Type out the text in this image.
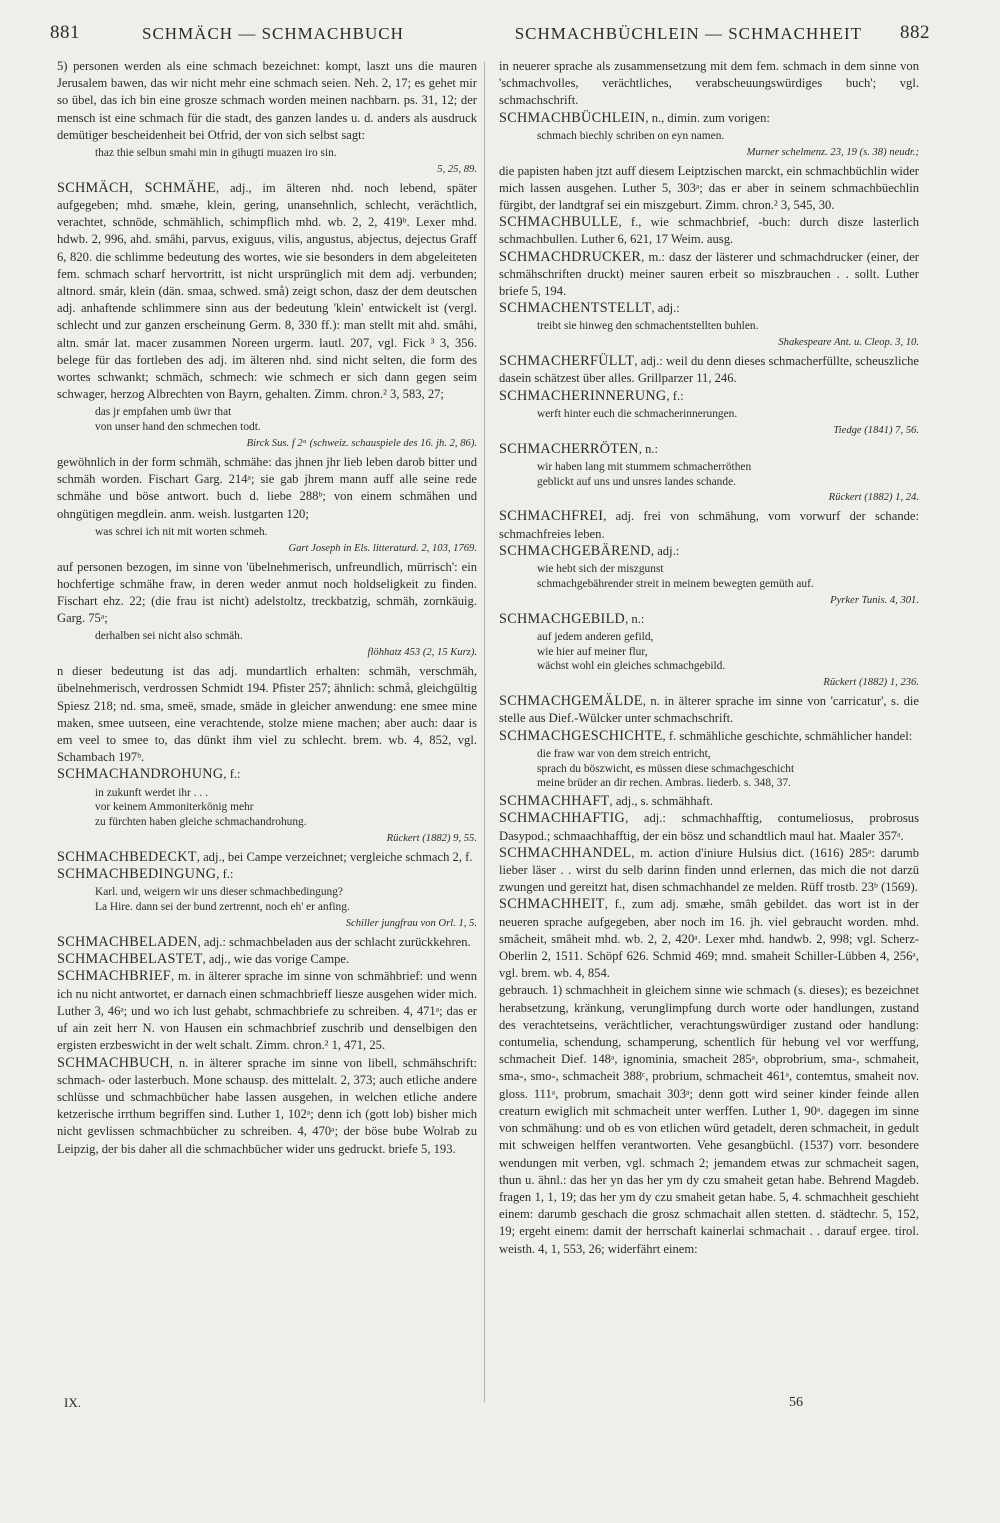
881	SCHMÄCH — SCHMACHBUCH	SCHMACHBÜCHLEIN — SCHMACHHEIT 882
5) personen werden als eine schmach bezeichnet: kompt, laszt uns die mauren Jerusalem bawen, das wir nicht mehr eine schmach seien. Neh. 2, 17; es gehet mir so übel, das ich bin eine grosze schmach worden meinen nachbarn. ps. 31, 12; der mensch ist eine schmach für die stadt, des ganzen landes u. d. anders als ausdruck demütiger bescheidenheit bei Otfrid, der von sich selbst sagt:
thaz thie selbun smahi min in gihugti muazen iro sin.
5, 25, 89.
SCHMÄCH, SCHMÄHE, adj., im älteren nhd. noch lebend, später aufgegeben; mhd. smæhe, klein, gering, unansehnlich, schlecht, verächtlich, verachtet, schnöde, schmählich, schimpflich mhd. wb. 2, 2, 419ᵇ. Lexer mhd. hdwb. 2, 996, ahd. smâhi, parvus, exiguus, vilis, angustus, abjectus, dejectus Graff 6, 820. die schlimme bedeutung des wortes, wie sie besonders in dem abgeleiteten fem. schmach scharf hervortritt, ist nicht ursprünglich mit dem adj. verbunden; altnord. smár, klein (dän. smaa, schwed. små) zeigt schon, dasz der dem deutschen adj. anhaftende schlimmere sinn aus der bedeutung 'klein' entwickelt ist (vergl. schlecht und zur ganzen erscheinung Germ. 8, 330 ff.): man stellt mit ahd. smâhi, altn. smár lat. macer zusammen Noreen urgerm. lautl. 207, vgl. Fick ³ 3, 356. belege für das fortleben des adj. im älteren nhd. sind nicht selten, die form des wortes schwankt; schmäch, schmech: wie schmech er sich dann gegen seim schwager, herzog Albrechten von Bayrn, gehalten. Zimm. chron.² 3, 583, 27;
das jr empfahen umb üwr that
von unser hand den schmechen todt.
Birck Sus. f 2ᵃ (schweiz. schauspiele des 16. jh. 2, 86).
gewöhnlich in der form schmäh, schmähe: das jhnen jhr lieb leben darob bitter und schmäh worden. Fischart Garg. 214ᵃ; sie gab jhrem mann auff alle seine rede schmähe und böse antwort. buch d. liebe 288ᵇ; von einem schmähen und ohngütigen megdlein. anm. weish. lustgarten 120;
was schrei ich nit mit worten schmeh.
Gart Joseph in Els. litteraturd. 2, 103, 1769.
auf personen bezogen, im sinne von 'übelnehmerisch, unfreundlich, mürrisch': ein hochfertige schmähe fraw, in deren weder anmut noch holdseligkeit zu finden. Fischart ehz. 22; (die frau ist nicht) adelstoltz, treckbatzig, schmäh, zornkäuig. Garg. 75ᵃ;
derhalben sei nicht also schmäh.
flöhhatz 453 (2, 15 Kurz).
n dieser bedeutung ist das adj. mundartlich erhalten: schmäh, verschmäh, übelnehmerisch, verdrossen Schmidt 194. Pfister 257; ähnlich: schmå, gleichgültig Spiesz 218; nd. sma, smeë, smade, smäde in gleicher anwendung: ene smee mine maken, smee uutseen, eine verachtende, stolze miene machen; aber auch: daar is em veel to smee to, das dünkt ihm viel zu schlecht. brem. wb. 4, 852, vgl. Schambach 197ᵇ.
SCHMACHANDROHUNG, f.:
in zukunft werdet ihr . . .
vor keinem Ammoniterkönig mehr
zu fürchten haben gleiche schmachandrohung.
Rückert (1882) 9, 55.
SCHMACHBEDECKT, adj., bei Campe verzeichnet; vergleiche schmach 2, f.
SCHMACHBEDINGUNG, f.:
Karl. und, weigern wir uns dieser schmachbedingung?
La Hire. dann sei der bund zertrennt, noch eh' er anfing.
Schiller jungfrau von Orl. 1, 5.
SCHMACHBELADEN, adj.: schmachbeladen aus der schlacht zurückkehren.
SCHMACHBELASTET, adj., wie das vorige Campe.
SCHMACHBRIEF, m. in älterer sprache im sinne von schmähbrief: und wenn ich nu nicht antwortet, er darnach einen schmachbrieff liesze ausgehen wider mich. Luther 3, 46ᵃ; und wo ich lust gehabt, schmachbriefe zu schreiben. 4, 471ᵃ; das er uf ain zeit herr N. von Hausen ein schmachbrief zuschrib und denselbigen den ergisten erzbeswicht in der welt schalt. Zimm. chron.² 1, 471, 25.
SCHMACHBUCH, n. in älterer sprache im sinne von libell, schmähschrift: schmach- oder lasterbuch. Mone schausp. des mittelalt. 2, 373; auch etliche andere schlüsse und schmachbücher habe lassen ausgehen, in welchen etliche andere ketzerische irrthum begriffen sind. Luther 1, 102ᵃ; denn ich (gott lob) bisher mich nicht gevlissen schmachbücher zu schreiben. 4, 470ᵃ; der böse bube Wolrab zu Leipzig, der bis daher all die schmachbücher wider uns gedruckt. briefe 5, 193.
in neuerer sprache als zusammensetzung mit dem fem. schmach in dem sinne von 'schmachvolles, verächtliches, verabscheuungswürdiges buch'; vgl. schmachschrift.
SCHMACHBÜCHLEIN, n., dimin. zum vorigen:
schmach biechly schriben on eyn namen.
Murner schelmenz. 23, 19 (s. 38) neudr.;
die papisten haben jtzt auff diesem Leiptzischen marckt, ein schmachbüchlin wider mich lassen ausgehen. Luther 5, 303ᵃ; das er aber in seinem schmachbüechlin fürgibt, der landtgraf sei ein miszgeburt. Zimm. chron.² 3, 545, 30.
SCHMACHBULLE, f., wie schmachbrief, -buch: durch disze lasterlich schmachbullen. Luther 6, 621, 17 Weim. ausg.
SCHMACHDRUCKER, m.: dasz der lästerer und schmachdrucker (einer, der schmähschriften druckt) meiner sauren erbeit so miszbrauchen . . sollt. Luther briefe 5, 194.
SCHMACHENTSTELLT, adj.:
treibt sie hinweg den schmachentstellten buhlen.
Shakespeare Ant. u. Cleop. 3, 10.
SCHMACHERFÜLLT, adj.: weil du denn dieses schmacherfüllte, scheuszliche dasein schätzest über alles. Grillparzer 11, 246.
SCHMACHERINNERUNG, f.:
werft hinter euch die schmacherinnerungen.
Tiedge (1841) 7, 56.
SCHMACHERRÖTEN, n.:
wir haben lang mit stummem schmacherröthen
geblickt auf uns und unsres landes schande.
Rückert (1882) 1, 24.
SCHMACHFREI, adj. frei von schmähung, vom vorwurf der schande: schmachfreies leben.
SCHMACHGEBÄREND, adj.:
wie hebt sich der miszgunst
schmachgebährender streit in meinem bewegten gemüth auf.
Pyrker Tunis. 4, 301.
SCHMACHGEBILD, n.:
auf jedem anderen gefild,
wie hier auf meiner flur,
wächst wohl ein gleiches schmachgebild.
Rückert (1882) 1, 236.
SCHMACHGEMÄLDE, n. in älterer sprache im sinne von 'carricatur', s. die stelle aus Dief.-Wülcker unter schmachschrift.
SCHMACHGESCHICHTE, f. schmähliche geschichte, schmählicher handel:
die fraw war von dem streich entricht,
sprach du böszwicht, es müssen diese schmachgeschicht
meine brüder an dir rechen. Ambras. liederb. s. 348, 37.
SCHMACHHAFT, adj., s. schmähhaft.
SCHMACHHAFTIG, adj.: schmachhafftig, contumeliosus, probrosus Dasypod.; schmaachhafftig, der ein bösz und schandtlich maul hat. Maaler 357ᵃ.
SCHMACHHANDEL, m. action d'iniure Hulsius dict. (1616) 285ᵃ: darumb lieber läser . . wirst du selb darinn finden unnd erlernen, das mich die not darzü zwungen und gereitzt hat, disen schmachhandel ze melden. Rüff trostb. 23ᵇ (1569).
SCHMACHHEIT, f., zum adj. smæhe, smâh gebildet. das wort ist in der neueren sprache aufgegeben, aber noch im 16. jh. viel gebraucht worden. mhd. smâcheit, smâheit mhd. wb. 2, 2, 420ᵃ. Lexer mhd. handwb. 2, 998; vgl. Scherz-Oberlin 2, 1511. Schöpf 626. Schmid 469; mnd. smaheit Schiller-Lübben 4, 256ᵃ, vgl. brem. wb. 4, 854.
gebrauch. 1) schmachheit in gleichem sinne wie schmach (s. dieses); es bezeichnet herabsetzung, kränkung, verunglimpfung durch worte oder handlungen, zustand des verachtetseins, verächtlicher, verachtungswürdiger zustand oder handlung: contumelia, schendung, schamperung, schentlich für hebung vel vor werffung, schmacheit Dief. 148ᵃ, ignominia, smacheit 285ᵃ, obprobrium, sma-, schmaheit, sma-, smo-, schmacheit 388ᶜ, probrium, schmacheit 461ᵃ, contemtus, smaheit nov. gloss. 111ᵃ, probrum, smachait 303ᵃ; denn gott wird seiner kinder feinde allen creaturn ewiglich mit schmacheit unter werffen. Luther 1, 90ᵃ. dagegen im sinne von schmähung: und ob es von etlichen würd getadelt, deren schmacheit, in gedult mit schweigen helffen verantworten. Vehe gesangbüchl. (1537) vorr. besondere wendungen mit verben, vgl. schmach 2; jemandem etwas zur schmacheit sagen, thun u. ähnl.: das her yn das her ym dy czu smaheit getan habe. Behrend Magdeb. fragen 1, 1, 19; das her ym dy czu smaheit getan habe. 5, 4. schmachheit geschieht einem: darumb geschach die grosz schmachait allen stetten. d. städtechr. 5, 152, 19; ergeht einem: damit der herrschaft kainerlai schmachait . . darauf ergee. tirol. weisth. 4, 1, 553, 26; widerfährt einem:
IX.	56
